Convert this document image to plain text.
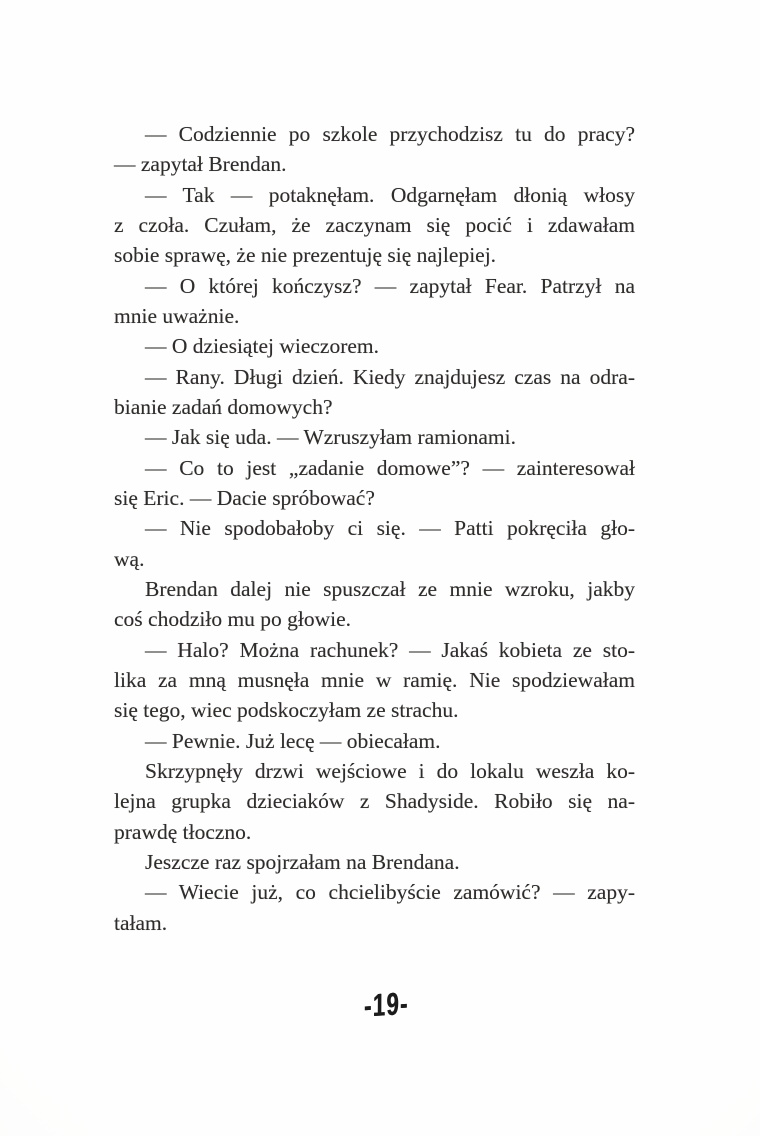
— Codziennie po szkole przychodzisz tu do pracy?
— zapytał Brendan.
— Tak — potaknęłam. Odgarnęłam dłonią włosy
z czoła. Czułam, że zaczynam się pocić i zdawałam
sobie sprawę, że nie prezentuję się najlepiej.
— O której kończysz? — zapytał Fear. Patrzył na
mnie uważnie.
— O dziesiątej wieczorem.
— Rany. Długi dzień. Kiedy znajdujesz czas na odra-
bianie zadań domowych?
— Jak się uda. — Wzruszyłam ramionami.
— Co to jest „zadanie domowe”? — zainteresował
się Eric. — Dacie spróbować?
— Nie spodobałoby ci się. — Patti pokręciła gło-
wą.
Brendan dalej nie spuszczał ze mnie wzroku, jakby
coś chodziło mu po głowie.
— Halo? Można rachunek? — Jakaś kobieta ze sto-
lika za mną musnęła mnie w ramię. Nie spodziewałam
się tego, wiec podskoczyłam ze strachu.
— Pewnie. Już lecę — obiecałam.
Skrzypnęły drzwi wejściowe i do lokalu weszła ko-
lejna grupka dzieciaków z Shadyside. Robiło się na-
prawdę tłoczno.
Jeszcze raz spojrzałam na Brendana.
— Wiecie już, co chcielibyście zamówić? — zapy-
tałam.
-19-
